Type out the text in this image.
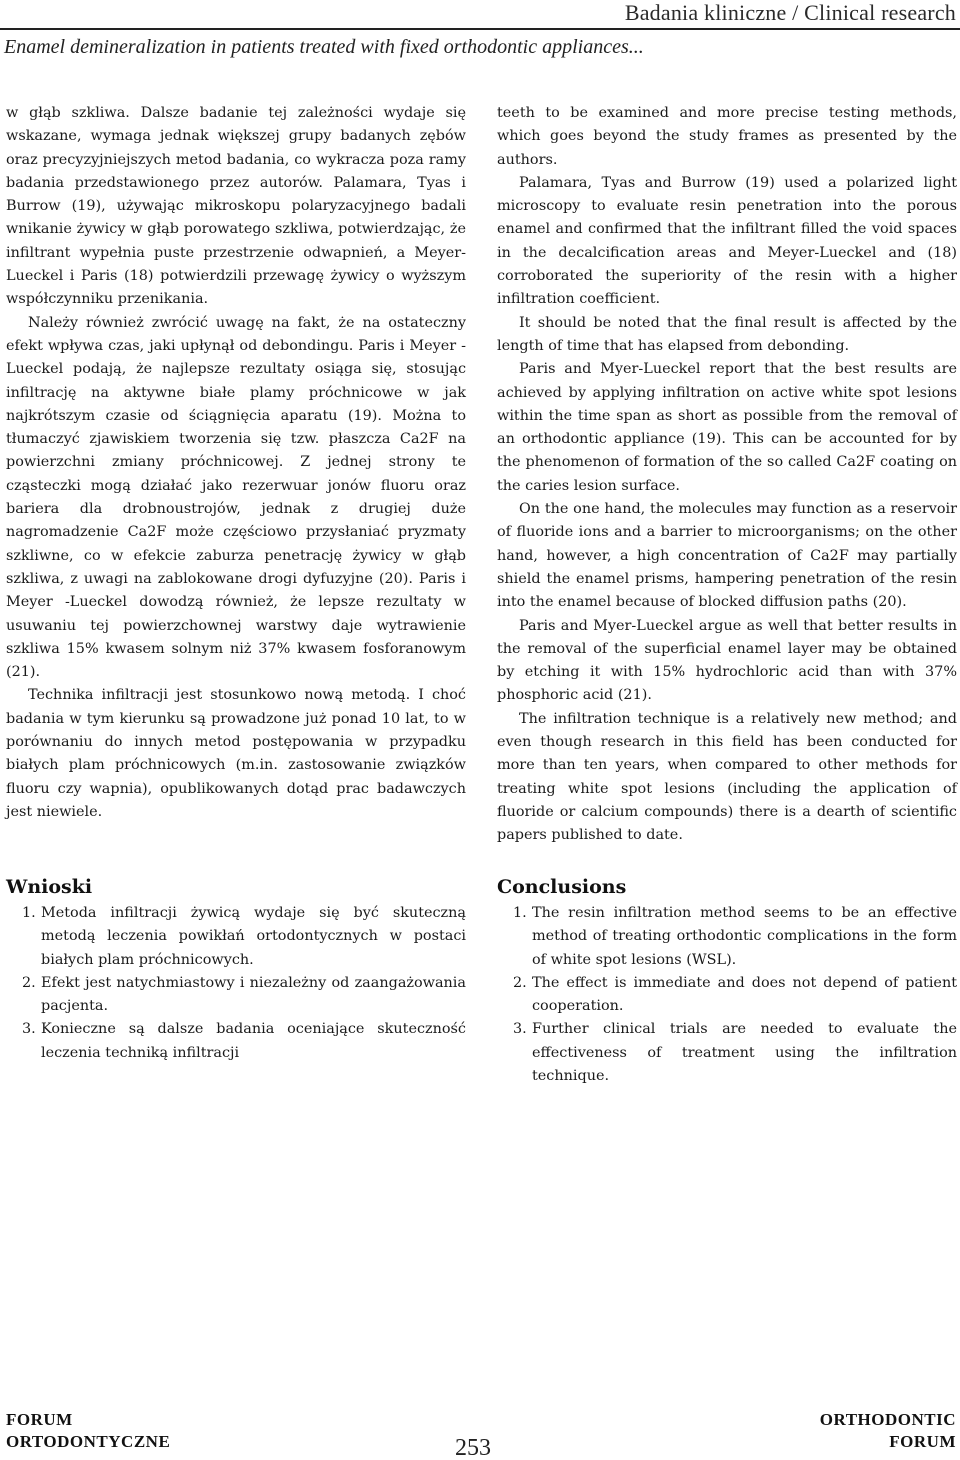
Badania kliniczne / Clinical research
Enamel demineralization in patients treated with fixed orthodontic appliances...

w głąb szkliwa. Dalsze badanie tej zależności wydaje się wskazane, wymaga jednak większej grupy badanych zębów oraz precyzyjniejszych metod badania, co wykracza poza ramy badania przedstawionego przez autorów. Palamara, Tyas i Burrow (19), używając mikroskopu polaryzacyjnego badali wnikanie żywicy w głąb porowatego szkliwa, potwierdzając, że infiltrant wypełnia puste przestrzenie odwapnień, a Meyer-Lueckel i Paris (18) potwierdzili przewagę żywicy o wyższym współczynniku przenikania.

Należy również zwrócić uwagę na fakt, że na ostateczny efekt wpływa czas, jaki upłynął od debondingu. Paris i Meyer -Lueckel podają, że najlepsze rezultaty osiąga się, stosując infiltrację na aktywne białe plamy próchnicowe w jak najkrótszym czasie od ściągnięcia aparatu (19). Można to tłumaczyć zjawiskiem tworzenia się tzw. płaszcza Ca2F na powierzchni zmiany próchnicowej. Z jednej strony te cząsteczki mogą działać jako rezerwuar jonów fluoru oraz bariera dla drobnoustrojów, jednak z drugiej duże nagromadzenie Ca2F może częściowo przysłaniać pryzmaty szkliwne, co w efekcie zaburza penetrację żywicy w głąb szkliwa, z uwagi na zablokowane drogi dyfuzyjne (20). Paris i Meyer -Lueckel dowodzą również, że lepsze rezultaty w usuwaniu tej powierzchownej warstwy daje wytrawienie szkliwa 15% kwasem solnym niż 37% kwasem fosforanowym (21).

Technika infiltracji jest stosunkowo nową metodą. I choć badania w tym kierunku są prowadzone już ponad 10 lat, to w porównaniu do innych metod postępowania w przypadku białych plam próchnicowych (m.in. zastosowanie związków fluoru czy wapnia), opublikowanych dotąd prac badawczych jest niewiele.

teeth to be examined and more precise testing methods, which goes beyond the study frames as presented by the authors.

Palamara, Tyas and Burrow (19) used a polarized light microscopy to evaluate resin penetration into the porous enamel and confirmed that the infiltrant filled the void spaces in the decalcification areas and Meyer-Lueckel and (18) corroborated the superiority of the resin with a higher infiltration coefficient.

It should be noted that the final result is affected by the length of time that has elapsed from debonding.

Paris and Myer-Lueckel report that the best results are achieved by applying infiltration on active white spot lesions within the time span as short as possible from the removal of an orthodontic appliance (19). This can be accounted for by the phenomenon of formation of the so called Ca2F coating on the caries lesion surface.

On the one hand, the molecules may function as a reservoir of fluoride ions and a barrier to microorganisms; on the other hand, however, a high concentration of Ca2F may partially shield the enamel prisms, hampering penetration of the resin into the enamel because of blocked diffusion paths (20).

Paris and Myer-Lueckel argue as well that better results in the removal of the superficial enamel layer may be obtained by etching it with 15% hydrochloric acid than with 37% phosphoric acid (21).

The infiltration technique is a relatively new method; and even though research in this field has been conducted for more than ten years, when compared to other methods for treating white spot lesions (including the application of fluoride or calcium compounds) there is a dearth of scientific papers published to date.

Wnioski
1. Metoda infiltracji żywicą wydaje się być skuteczną metodą leczenia powikłań ortodontycznych w postaci białych plam próchnicowych.
2. Efekt jest natychmiastowy i niezależny od zaangażowania pacjenta.
3. Konieczne są dalsze badania oceniające skuteczność leczenia techniką infiltracji
Conclusions
1. The resin infiltration method seems to be an effective method of treating orthodontic complications in the form of white spot lesions (WSL).
2. The effect is immediate and does not depend of patient cooperation.
3. Further clinical trials are needed to evaluate the effectiveness of treatment using the infiltration technique.
FORUM
ORTODONTYCZNE	253
ORTHODONTIC
FORUM
